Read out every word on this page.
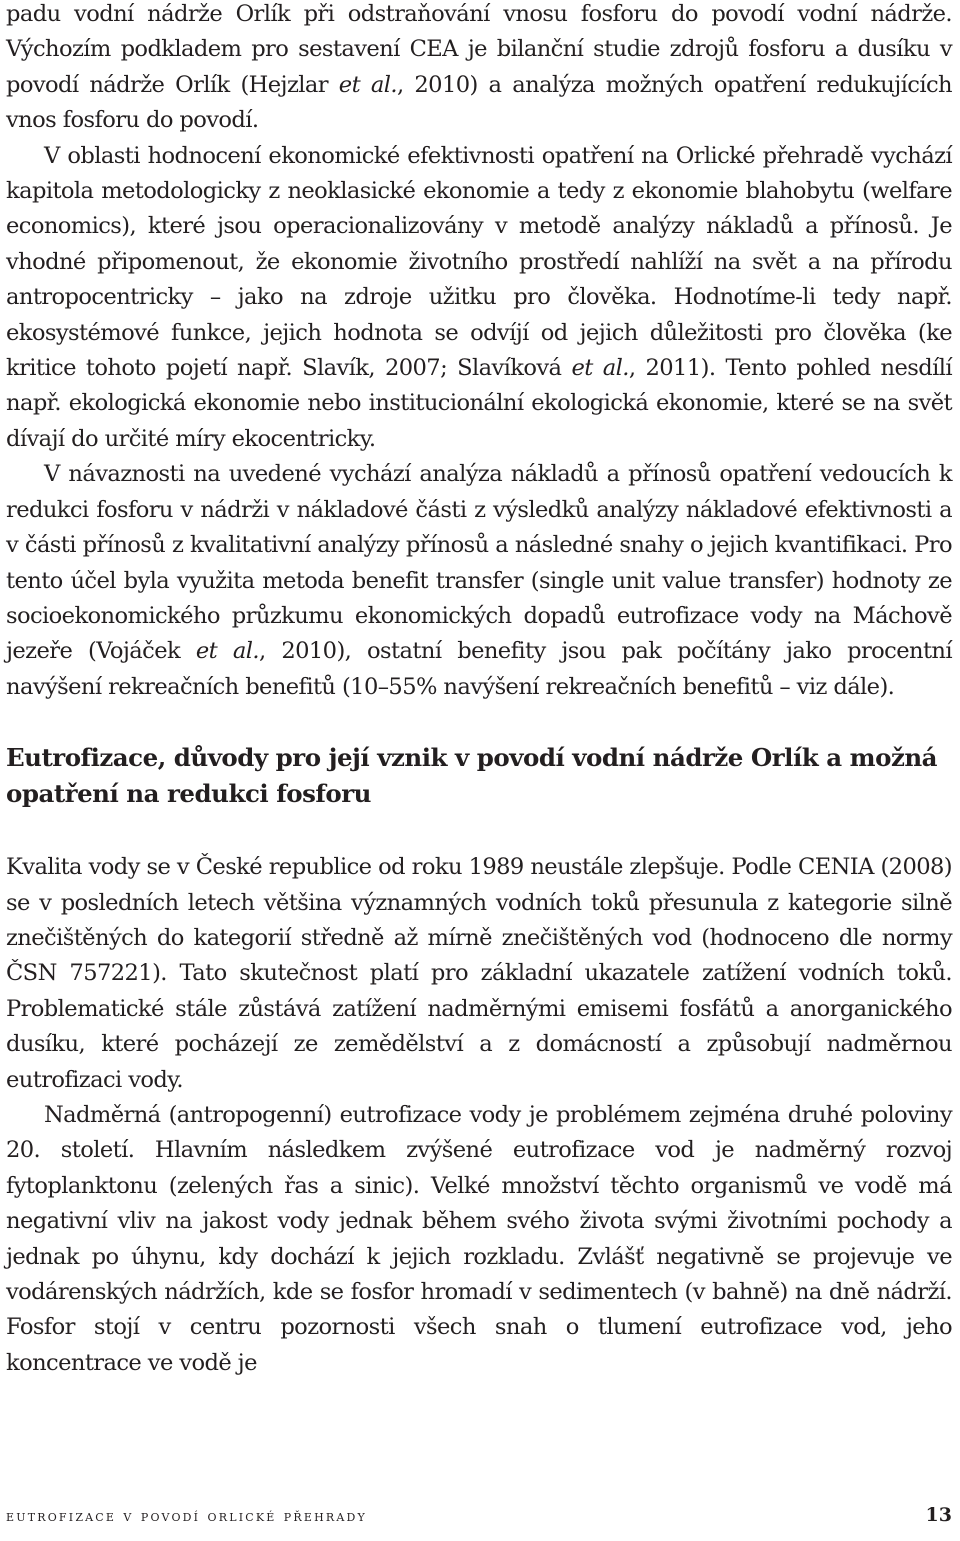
padu vodní nádrže Orlík při odstraňování vnosu fosforu do povodí vodní nádrže. Výchozím podkladem pro sestavení CEA je bilanční studie zdrojů fosforu a dusíku v povodí nádrže Orlík (Hejzlar et al., 2010) a analýza možných opatření redukujících vnos fosforu do povodí.

V oblasti hodnocení ekonomické efektivnosti opatření na Orlické přehradě vychází kapitola metodologicky z neoklasické ekonomie a tedy z ekonomie blahobytu (welfare economics), které jsou operacionalizovány v metodě analýzy nákladů a přínosů. Je vhodné připomenout, že ekonomie životního prostředí nahlíží na svět a na přírodu antropocentricky – jako na zdroje užitku pro člověka. Hodnotíme-li tedy např. ekosystémové funkce, jejich hodnota se odvíjí od jejich důležitosti pro člověka (ke kritice tohoto pojetí např. Slavík, 2007; Slavíková et al., 2011). Tento pohled nesdílí např. ekologická ekonomie nebo institucionální ekologická ekonomie, které se na svět dívají do určité míry ekocentricky.

V návaznosti na uvedené vychází analýza nákladů a přínosů opatření vedoucích k redukci fosforu v nádrži v nákladové části z výsledků analýzy nákladové efektivnosti a v části přínosů z kvalitativní analýzy přínosů a následné snahy o jejich kvantifikaci. Pro tento účel byla využita metoda benefit transfer (single unit value transfer) hodnoty ze socioekonomického průzkumu ekonomických dopadů eutrofizace vody na Máchově jezeře (Vojáček et al., 2010), ostatní benefity jsou pak počítány jako procentní navýšení rekreačních benefitů (10–55% navýšení rekreačních benefitů – viz dále).

Eutrofizace, důvody pro její vznik v povodí vodní nádrže Orlík a možná opatření na redukci fosforu

Kvalita vody se v České republice od roku 1989 neustále zlepšuje. Podle CENIA (2008) se v posledních letech většina významných vodních toků přesunula z kategorie silně znečištěných do kategorií středně až mírně znečištěných vod (hodnoceno dle normy ČSN 757221). Tato skutečnost platí pro základní ukazatele zatížení vodních toků. Problematické stále zůstává zatížení nadměrnými emisemi fosfátů a anorganického dusíku, které pocházejí ze zemědělství a z domácností a způsobují nadměrnou eutrofizaci vody.

Nadměrná (antropogenní) eutrofizace vody je problémem zejména druhé poloviny 20. století. Hlavním následkem zvýšené eutrofizace vod je nadměrný rozvoj fytoplanktonu (zelených řas a sinic). Velké množství těchto organismů ve vodě má negativní vliv na jakost vody jednak během svého života svými životními pochody a jednak po úhynu, kdy dochází k jejich rozkladu. Zvlášť negativně se projevuje ve vodárenských nádržích, kde se fosfor hromadí v sedimentech (v bahně) na dně nádrží. Fosfor stojí v centru pozornosti všech snah o tlumení eutrofizace vod, jeho koncentrace ve vodě je

eutrofizace v povodí orlické přehrady	13
